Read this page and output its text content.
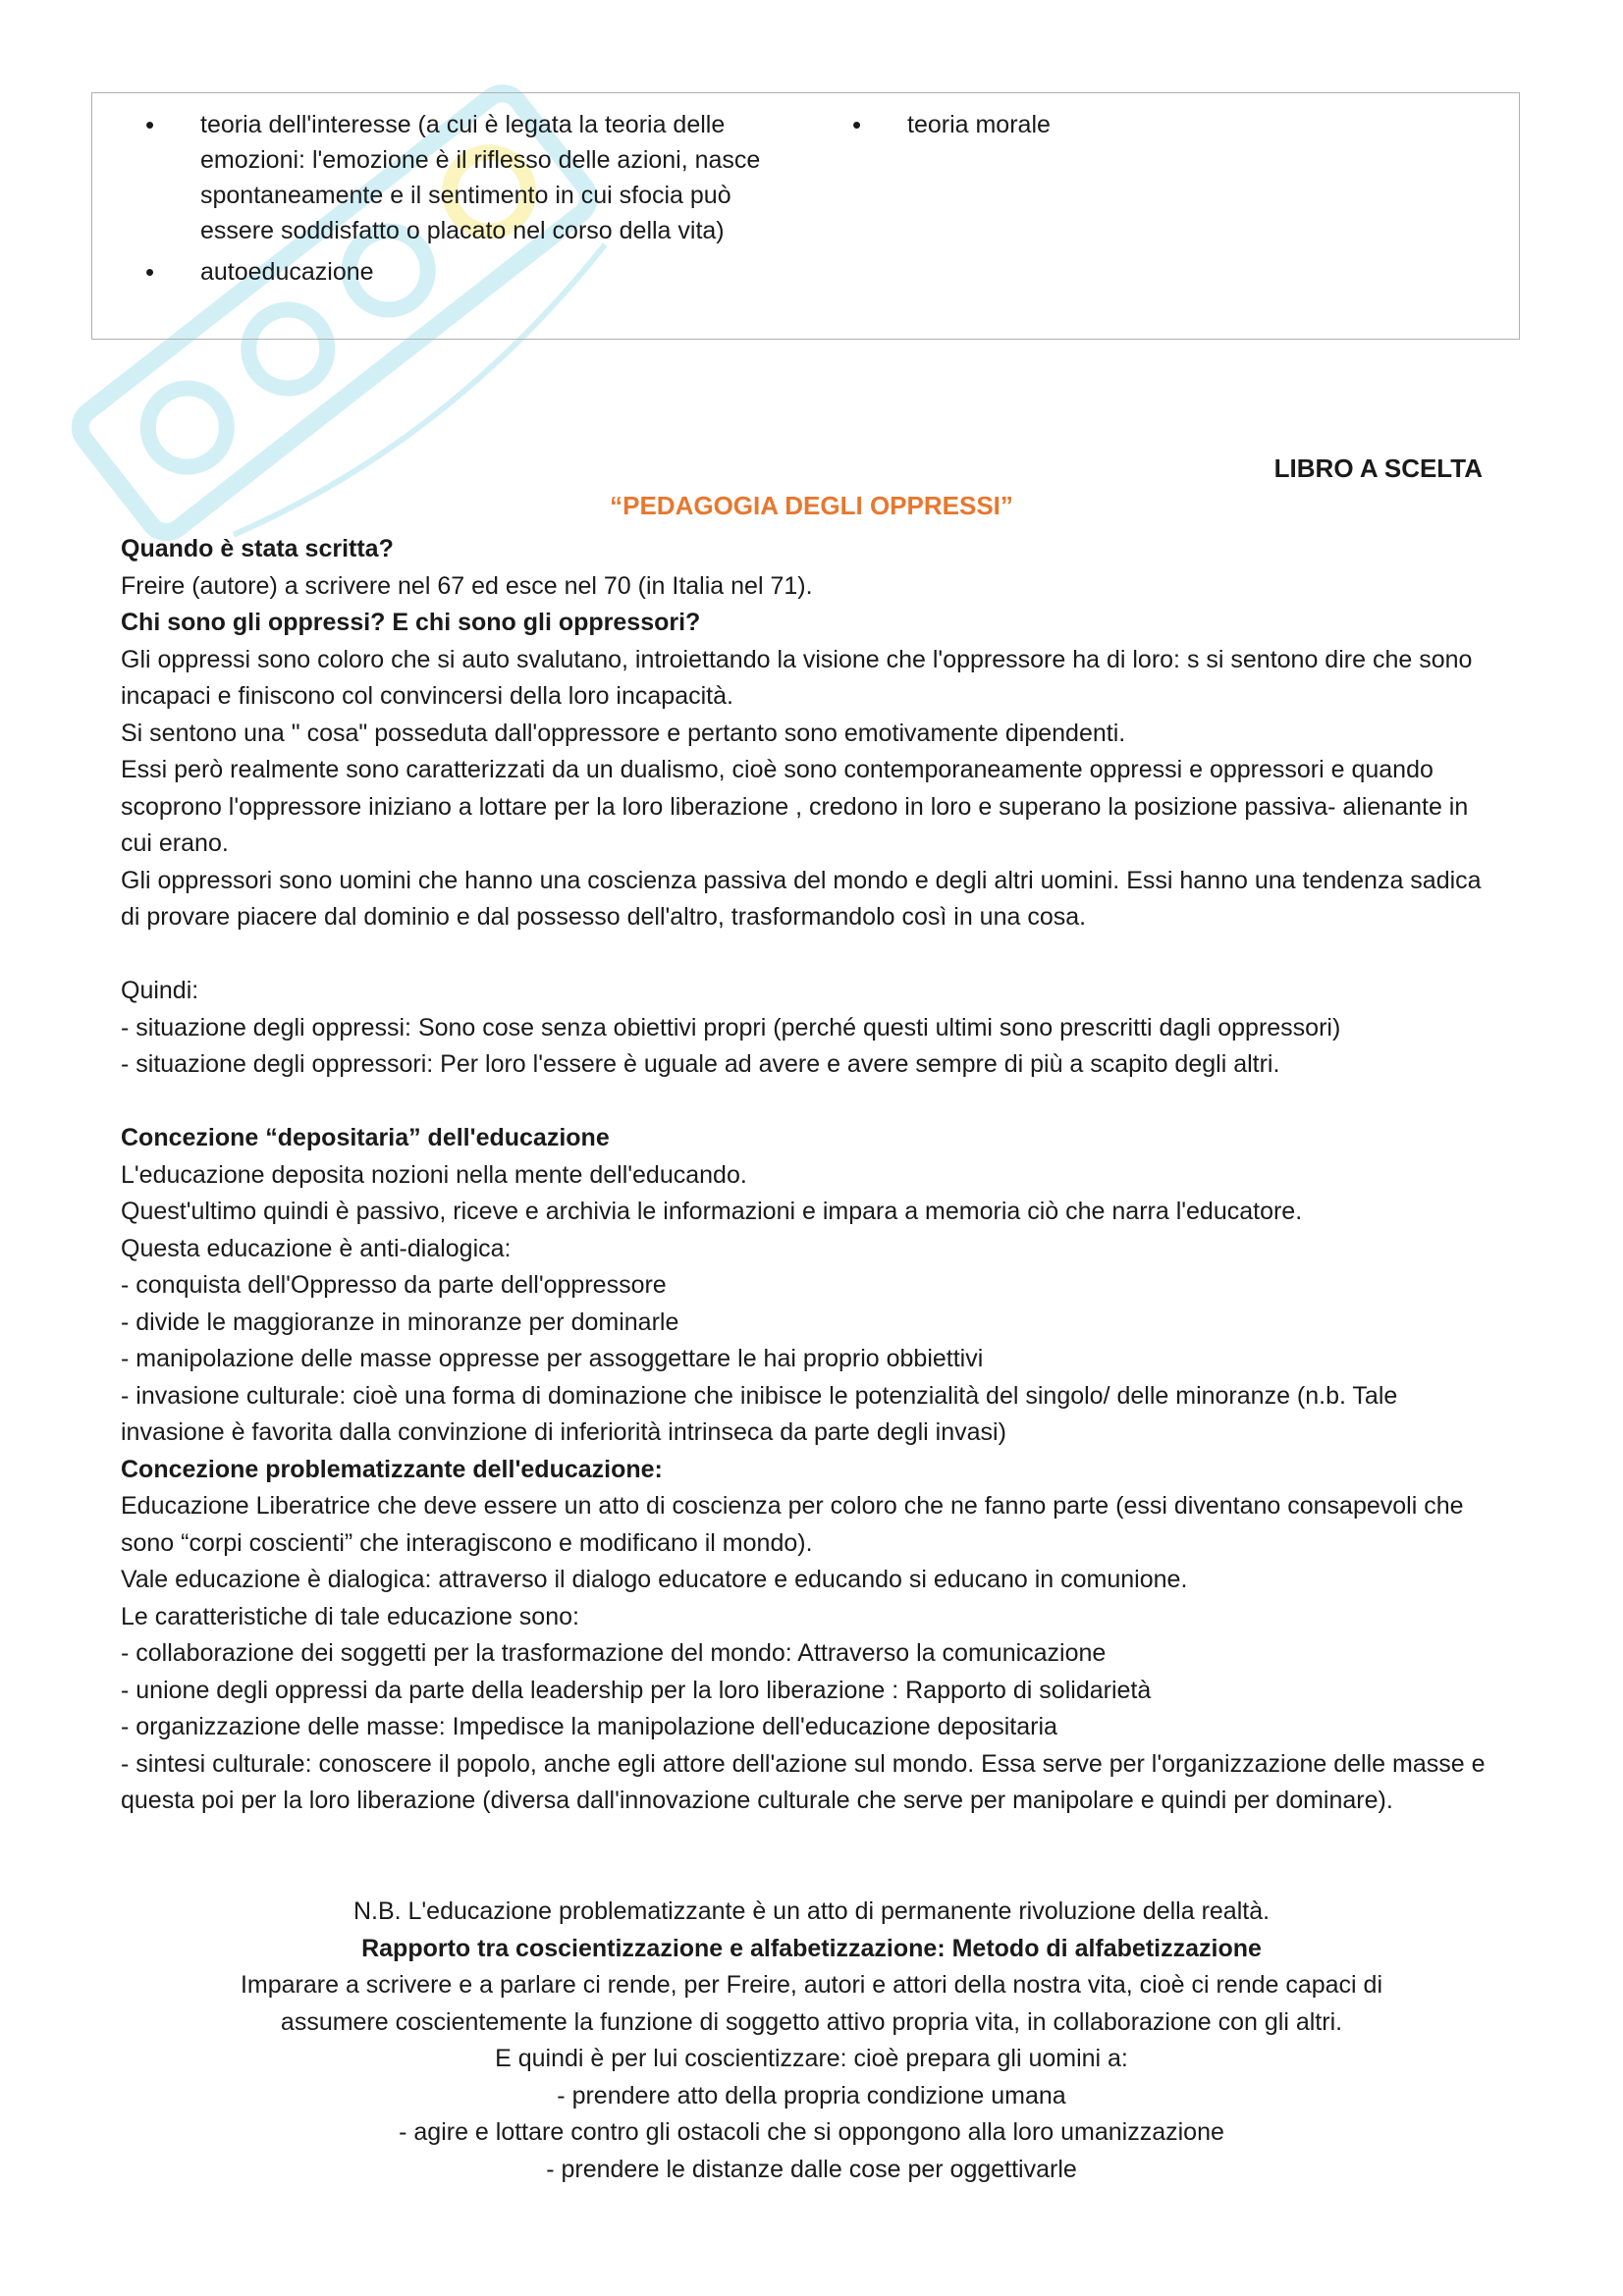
• teoria dell'interesse (a cui è legata la teoria delle emozioni: l'emozione è il riflesso delle azioni, nasce spontaneamente e il sentimento in cui sfocia può essere soddisfatto o placato nel corso della vita)
• autoeducazione
• teoria morale
LIBRO A SCELTA
“PEDAGOGIA DEGLI OPPRESSI”

Quando è stata scritta?

Freire (autore) a scrivere nel 67 ed esce nel 70 (in Italia nel 71).

Chi sono gli oppressi? E chi sono gli oppressori?

Gli oppressi sono coloro che si auto svalutano, introiettando la visione che l'oppressore ha di loro: s si sentono dire che sono incapaci e finiscono col convincersi della loro incapacità.

Si sentono una " cosa" posseduta dall'oppressore e pertanto sono emotivamente dipendenti.

Essi però realmente sono caratterizzati da un dualismo, cioè sono contemporaneamente oppressi e oppressori e quando scoprono l'oppressore iniziano a lottare per la loro liberazione , credono in loro e superano la posizione passiva- alienante in cui erano.

Gli oppressori sono uomini che hanno una coscienza passiva del mondo e degli altri uomini. Essi hanno una tendenza sadica di provare piacere dal dominio e dal possesso dell'altro, trasformandolo così in una cosa.

Quindi:

- situazione degli oppressi: Sono cose senza obiettivi propri (perché questi ultimi sono prescritti dagli oppressori)

- situazione degli oppressori: Per loro l'essere è uguale ad avere e avere sempre di più a scapito degli altri.

Concezione “depositaria” dell'educazione

L'educazione deposita nozioni nella mente dell'educando.

Quest'ultimo quindi è passivo, riceve e archivia le informazioni e impara a memoria ciò che narra l'educatore.

Questa educazione è anti-dialogica:

- conquista dell'Oppresso da parte dell'oppressore

- divide le maggioranze in minoranze per dominarle

- manipolazione delle masse oppresse per assoggettare le hai proprio obbiettivi

- invasione culturale: cioè una forma di dominazione che inibisce le potenzialità del singolo/ delle minoranze (n.b. Tale invasione è favorita dalla convinzione di inferiorità intrinseca da parte degli invasi)

Concezione problematizzante dell'educazione:

Educazione Liberatrice che deve essere un atto di coscienza per coloro che ne fanno parte (essi diventano consapevoli che sono “corpi coscienti” che interagiscono e modificano il mondo).

Vale educazione è dialogica: attraverso il dialogo educatore e educando si educano in comunione.

Le caratteristiche di tale educazione sono:

- collaborazione dei soggetti per la trasformazione del mondo: Attraverso la comunicazione

- unione degli oppressi da parte della leadership per la loro liberazione : Rapporto di solidarietà

- organizzazione delle masse: Impedisce la manipolazione dell'educazione depositaria

- sintesi culturale: conoscere il popolo, anche egli attore dell'azione sul mondo. Essa serve per l'organizzazione delle masse e questa poi per la loro liberazione (diversa dall'innovazione culturale che serve per manipolare e quindi per dominare).

N.B. L'educazione problematizzante è un atto di permanente rivoluzione della realtà.

Rapporto tra coscientizzazione e alfabetizzazione: Metodo di alfabetizzazione

Imparare a scrivere e a parlare ci rende, per Freire, autori e attori della nostra vita, cioè ci rende capaci di

assumere coscientemente la funzione di soggetto attivo propria vita, in collaborazione con gli altri.

E quindi è per lui coscientizzare: cioè prepara gli uomini a:

- prendere atto della propria condizione umana

- agire e lottare contro gli ostacoli che si oppongono alla loro umanizzazione

- prendere le distanze dalle cose per oggettivarle
